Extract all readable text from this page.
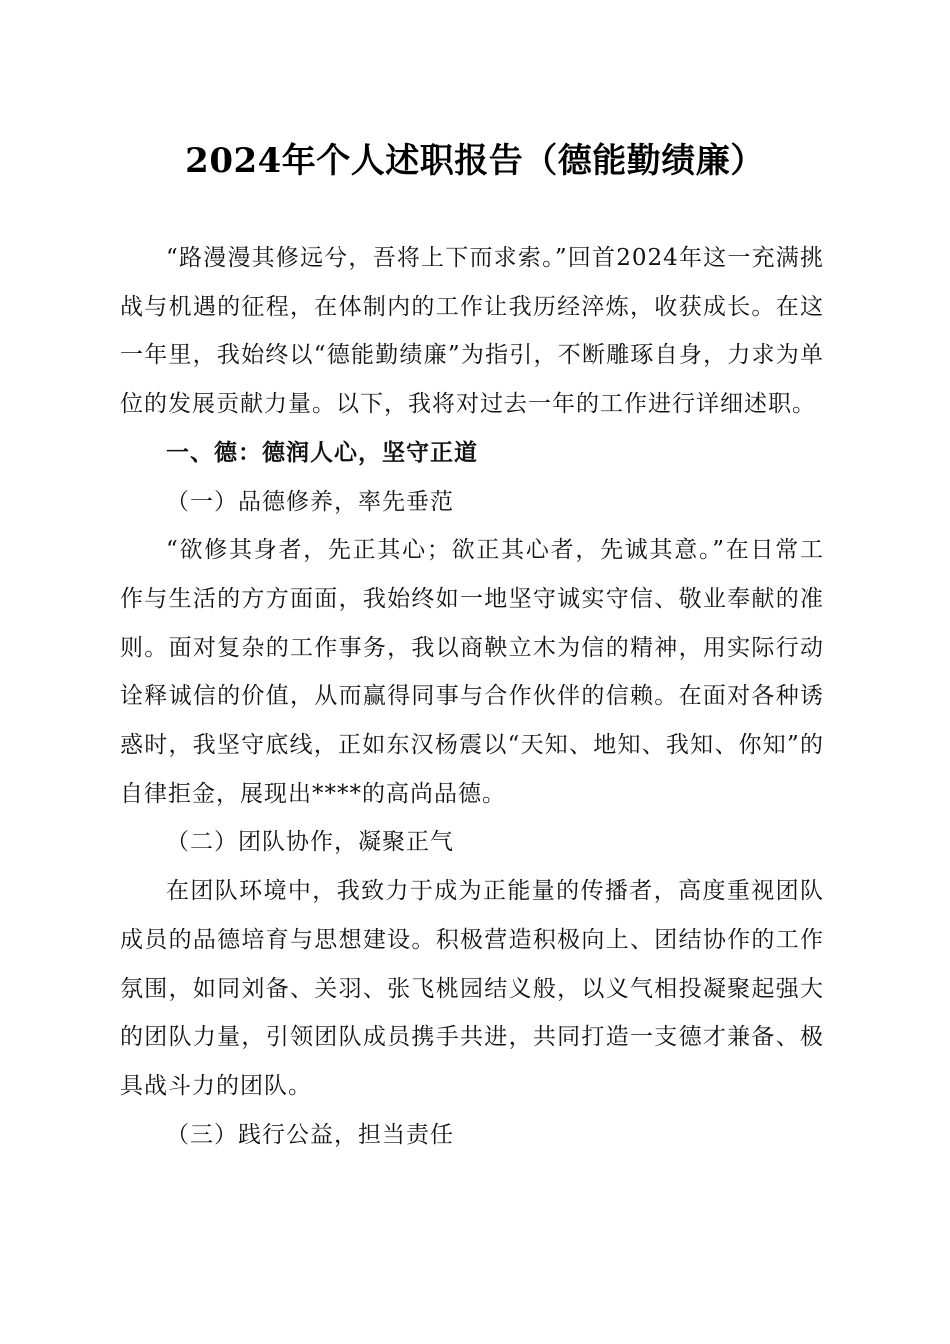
2024年个人述职报告（德能勤绩廉）

“路漫漫其修远兮，吾将上下而求索。”回首2024年这一充满挑战与机遇的征程，在体制内的工作让我历经淬炼，收获成长。在这一年里，我始终以“德能勤绩廉”为指引，不断雕琢自身，力求为单位的发展贡献力量。以下，我将对过去一年的工作进行详细述职。

一、德：德润人心，坚守正道

（一）品德修养，率先垂范

“欲修其身者，先正其心；欲正其心者，先诚其意。”在日常工作与生活的方方面面，我始终如一地坚守诚实守信、敬业奉献的准则。面对复杂的工作事务，我以商鞅立木为信的精神，用实际行动诠释诚信的价值，从而赢得同事与合作伙伴的信赖。在面对各种诱惑时，我坚守底线，正如东汉杨震以“天知、地知、我知、你知”的自律拒金，展现出****的高尚品德。

（二）团队协作，凝聚正气

在团队环境中，我致力于成为正能量的传播者，高度重视团队成员的品德培育与思想建设。积极营造积极向上、团结协作的工作氛围，如同刘备、关羽、张飞桃园结义般，以义气相投凝聚起强大的团队力量，引领团队成员携手共进，共同打造一支德才兼备、极具战斗力的团队。

（三）践行公益，担当责任
